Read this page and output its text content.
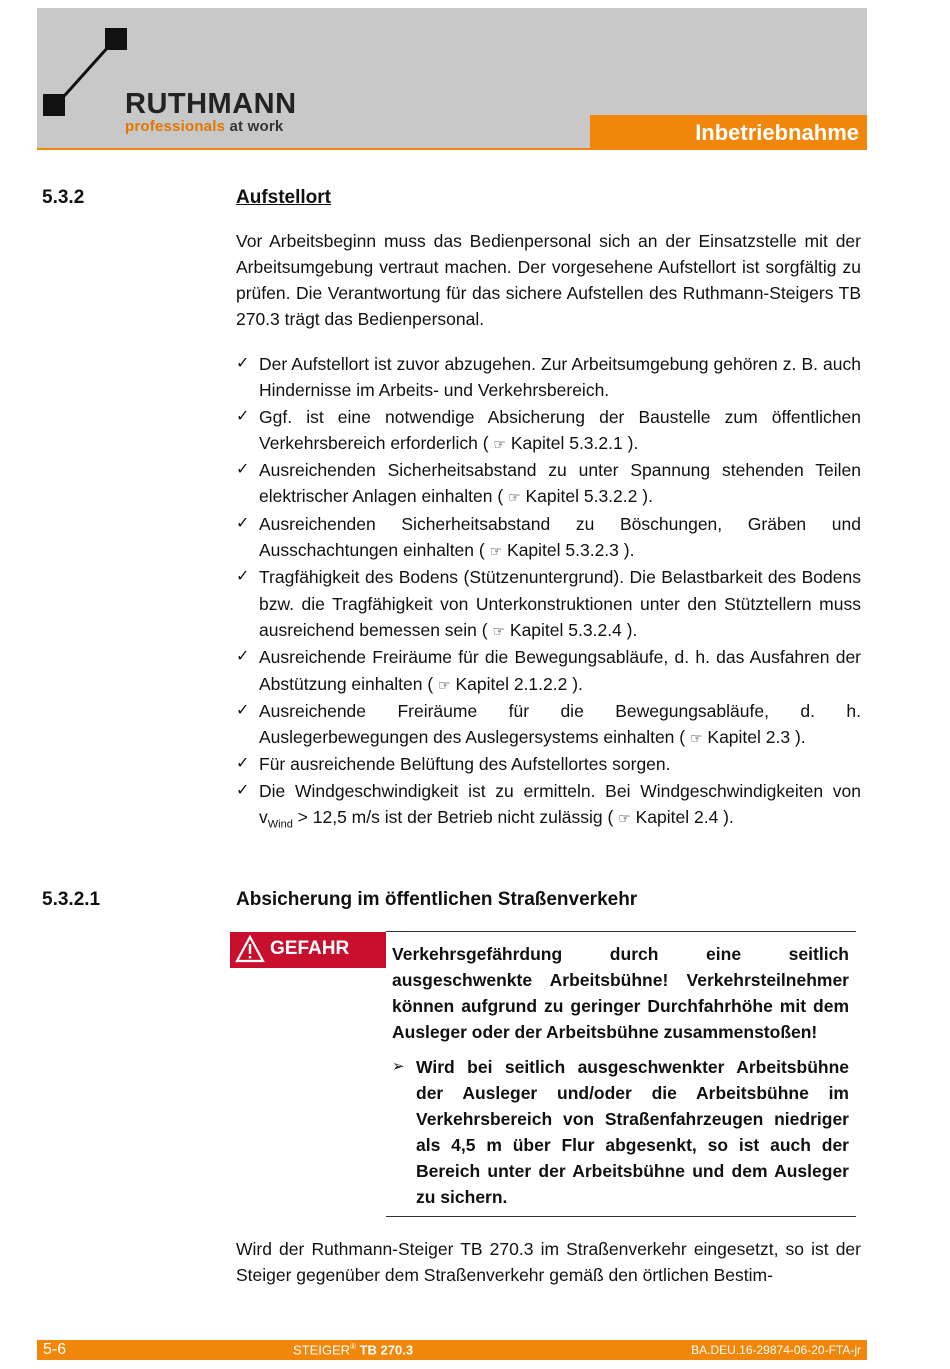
RUTHMANN
professionals at work	Inbetriebnahme
5.3.2	Aufstellort

Vor Arbeitsbeginn muss das Bedienpersonal sich an der Einsatzstelle mit der Arbeitsumgebung vertraut machen. Der vorgesehene Aufstellort ist sorgfältig zu prüfen. Die Verantwortung für das sichere Aufstellen des Ruthmann-Steigers TB 270.3 trägt das Bedienpersonal.

✓ Der Aufstellort ist zuvor abzugehen. Zur Arbeitsumgebung gehören z. B. auch Hindernisse im Arbeits- und Verkehrsbereich.
✓ Ggf. ist eine notwendige Absicherung der Baustelle zum öffentlichen Verkehrsbereich erforderlich ( ☞ Kapitel 5.3.2.1 ).
✓ Ausreichenden Sicherheitsabstand zu unter Spannung stehenden Teilen elektrischer Anlagen einhalten ( ☞ Kapitel 5.3.2.2 ).
✓ Ausreichenden Sicherheitsabstand zu Böschungen, Gräben und Ausschachtungen einhalten ( ☞ Kapitel 5.3.2.3 ).
✓ Tragfähigkeit des Bodens (Stützenuntergrund). Die Belastbarkeit des Bodens bzw. die Tragfähigkeit von Unterkonstruktionen unter den Stütztellern muss ausreichend bemessen sein ( ☞ Kapitel 5.3.2.4 ).
✓ Ausreichende Freiräume für die Bewegungsabläufe, d. h. das Ausfahren der Abstützung einhalten ( ☞ Kapitel 2.1.2.2 ).
✓ Ausreichende Freiräume für die Bewegungsabläufe, d. h. Auslegerbewegungen des Auslegersystems einhalten ( ☞ Kapitel 2.3 ).
✓ Für ausreichende Belüftung des Aufstellortes sorgen.
✓ Die Windgeschwindigkeit ist zu ermitteln. Bei Windgeschwindigkeiten von $v_{Wind} > 12,5$ m/s ist der Betrieb nicht zulässig ( ☞ Kapitel 2.4 ).
5.3.2.1	Absicherung im öffentlichen Straßenverkehr
GEFAHR Verkehrsgefährdung durch eine seitlich ausgeschwenkte Arbeitsbühne! Verkehrsteilnehmer können aufgrund zu geringer Durchfahrhöhe mit dem Ausleger oder der Arbeitsbühne zusammenstoßen!

➢ Wird bei seitlich ausgeschwenkter Arbeitsbühne der Ausleger und/oder die Arbeitsbühne im Verkehrsbereich von Straßenfahrzeugen niedriger als 4,5 m über Flur abgesenkt, so ist auch der Bereich unter der Arbeitsbühne und dem Ausleger zu sichern.

Wird der Ruthmann-Steiger TB 270.3 im Straßenverkehr eingesetzt, so ist der Steiger gegenüber dem Straßenverkehr gemäß den örtlichen Bestim-

5-6	STEIGER® TB 270.3	BA.DEU.16-29874-06-20-FTA-jr
